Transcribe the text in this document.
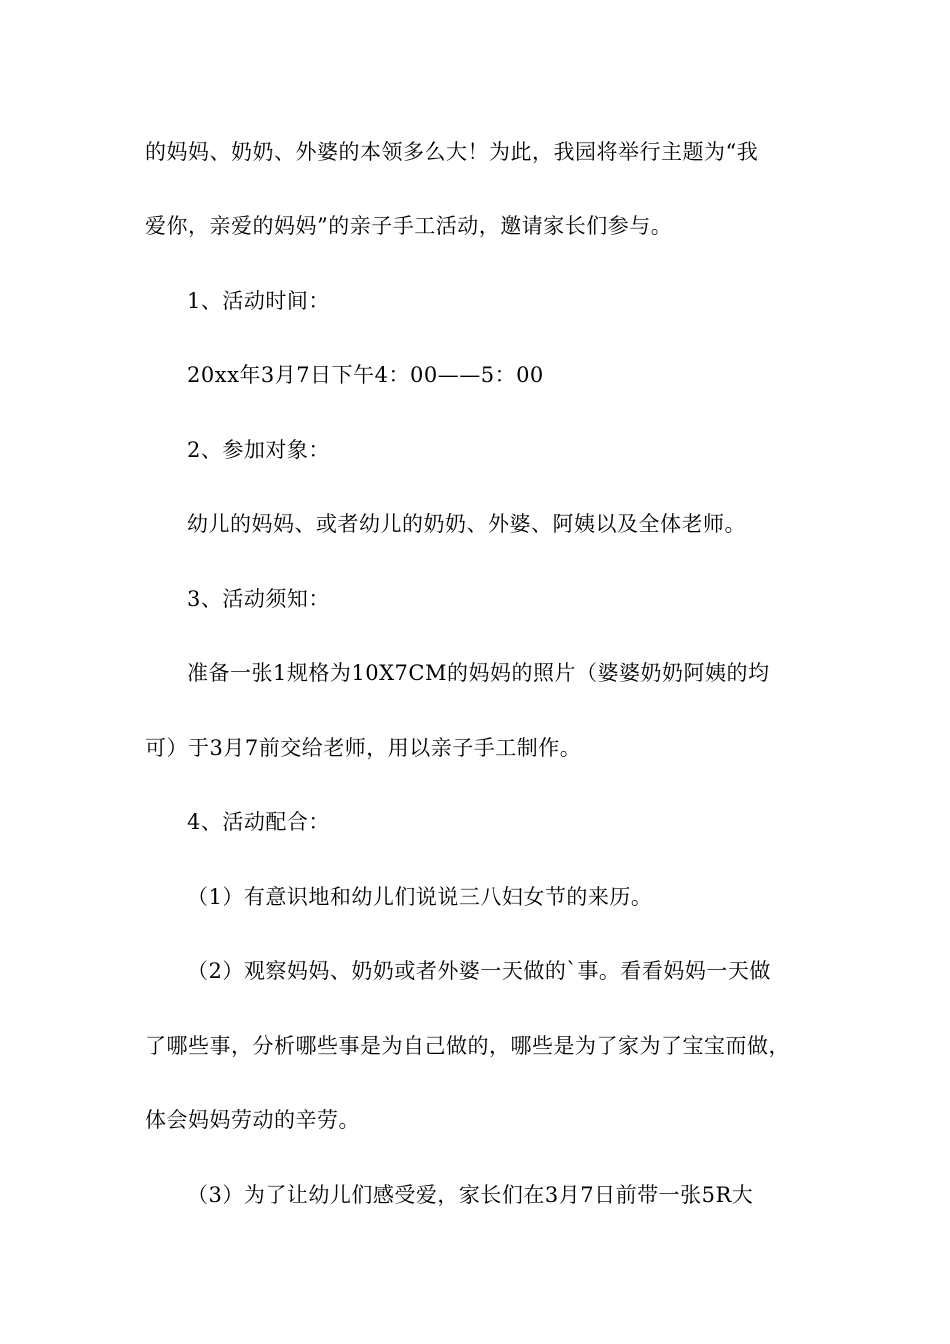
的妈妈、奶奶、外婆的本领多么大！为此，我园将举行主题为“我
爱你，亲爱的妈妈”的亲子手工活动，邀请家长们参与。
1、活动时间：
20xx年3月7日下午4：00——5：00
2、参加对象：
幼儿的妈妈、或者幼儿的奶奶、外婆、阿姨以及全体老师。
3、活动须知：
准备一张1规格为10X7CM的妈妈的照片（婆婆奶奶阿姨的均
可）于3月7前交给老师，用以亲子手工制作。
4、活动配合：
（1）有意识地和幼儿们说说三八妇女节的来历。
（2）观察妈妈、奶奶或者外婆一天做的`事。看看妈妈一天做
了哪些事，分析哪些事是为自己做的，哪些是为了家为了宝宝而做，
体会妈妈劳动的辛劳。
（3）为了让幼儿们感受爱，家长们在3月7日前带一张5R大
